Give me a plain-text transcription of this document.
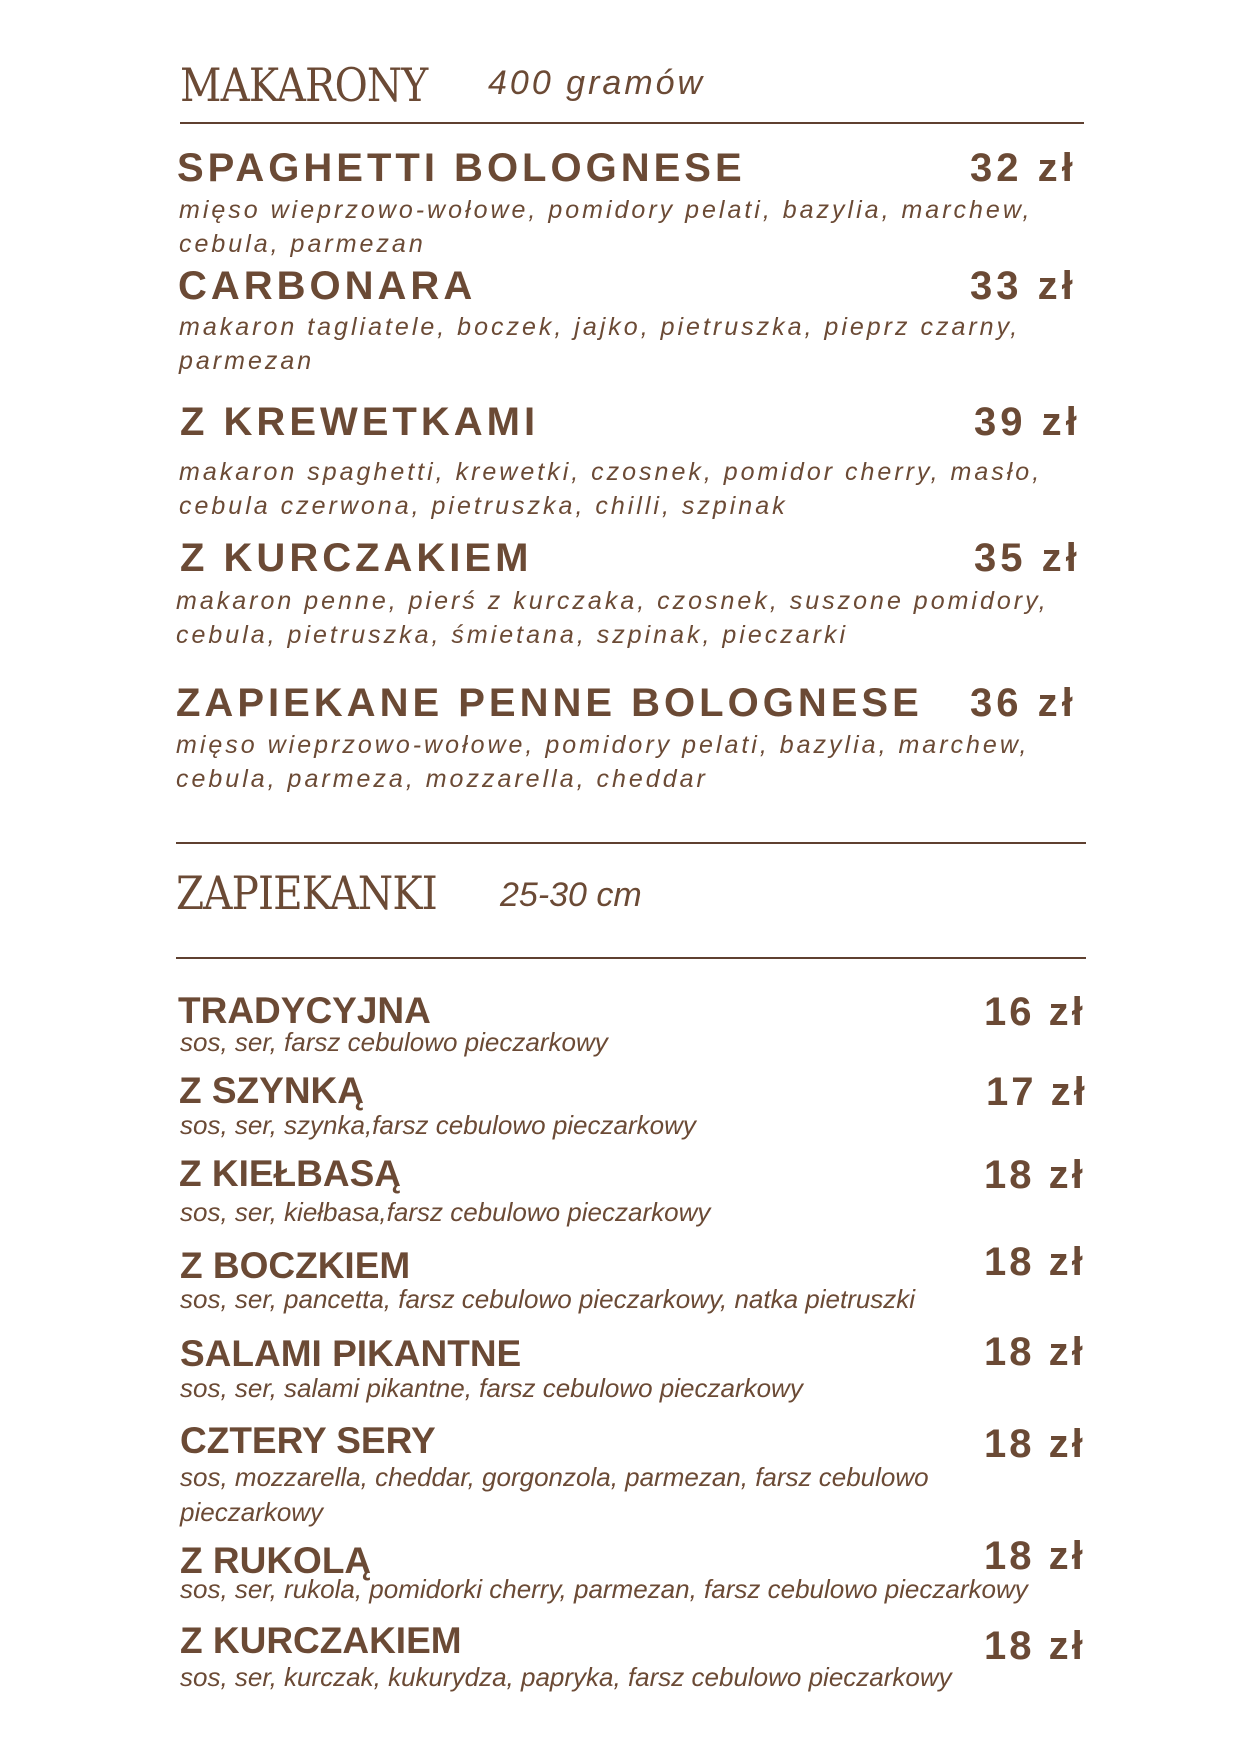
MAKARONY 400 gramów
SPAGHETTI BOLOGNESE	32 zł
mięso wieprzowo-wołowe, pomidory pelati, bazylia, marchew, cebula, parmezan
CARBONARA	33 zł
makaron tagliatele, boczek, jajko, pietruszka, pieprz czarny, parmezan
Z KREWETKAMI	39 zł
makaron spaghetti, krewetki, czosnek, pomidor cherry, masło, cebula czerwona, pietruszka, chilli, szpinak
Z KURCZAKIEM	35 zł
makaron penne, pierś z kurczaka, czosnek, suszone pomidory, cebula, pietruszka, śmietana, szpinak, pieczarki
ZAPIEKANE PENNE BOLOGNESE 36 zł
mięso wieprzowo-wołowe, pomidory pelati, bazylia, marchew, cebula, parmeza, mozzarella, cheddar
ZAPIEKANKI 25-30 cm
TRADYCYJNA	16 zł
sos, ser, farsz cebulowo pieczarkowy
Z SZYNKĄ	17 zł
sos, ser, szynka,farsz cebulowo pieczarkowy
Z KIEŁBASĄ	18 zł
sos, ser, kiełbasa,farsz cebulowo pieczarkowy
Z BOCZKIEM	18 zł
sos, ser, pancetta, farsz cebulowo pieczarkowy, natka pietruszki
SALAMI PIKANTNE	18 zł
sos, ser, salami pikantne, farsz cebulowo pieczarkowy
CZTERY SERY	18 zł
sos, mozzarella, cheddar, gorgonzola, parmezan, farsz cebulowo pieczarkowy
Z RUKOLĄ	18 zł
sos, ser, rukola, pomidorki cherry, parmezan, farsz cebulowo pieczarkowy
Z KURCZAKIEM	18 zł
sos, ser, kurczak, kukurydza, papryka, farsz cebulowo pieczarkowy
